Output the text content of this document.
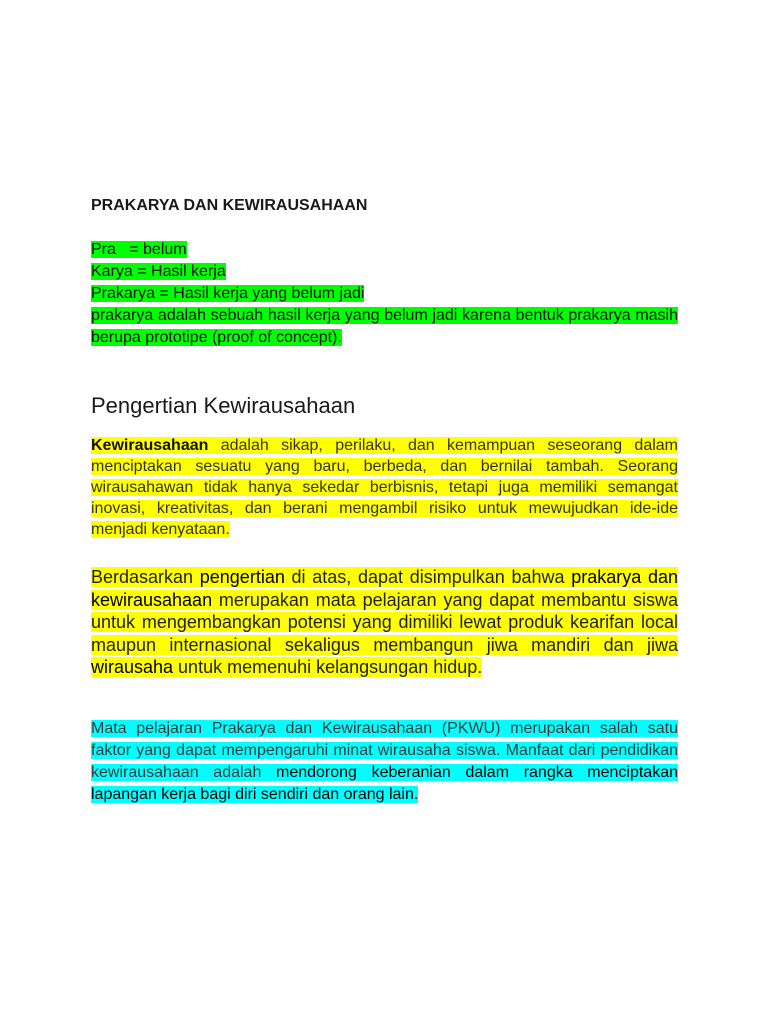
PRAKARYA DAN KEWIRAUSAHAAN
Pra   = belum
Karya = Hasil kerja
Prakarya = Hasil kerja yang belum jadi
prakarya adalah sebuah hasil kerja yang belum jadi karena bentuk prakarya masih berupa prototipe (proof of concept).
Pengertian Kewirausahaan

Kewirausahaan adalah sikap, perilaku, dan kemampuan seseorang dalam menciptakan sesuatu yang baru, berbeda, dan bernilai tambah. Seorang wirausahawan tidak hanya sekedar berbisnis, tetapi juga memiliki semangat inovasi, kreativitas, dan berani mengambil risiko untuk mewujudkan ide-ide menjadi kenyataan.

Berdasarkan pengertian di atas, dapat disimpulkan bahwa prakarya dan kewirausahaan merupakan mata pelajaran yang dapat membantu siswa untuk mengembangkan potensi yang dimiliki lewat produk kearifan local maupun internasional sekaligus membangun jiwa mandiri dan jiwa wirausaha untuk memenuhi kelangsungan hidup.

Mata pelajaran Prakarya dan Kewirausahaan (PKWU) merupakan salah satu faktor yang dapat mempengaruhi minat wirausaha siswa. Manfaat dari pendidikan kewirausahaan adalah mendorong keberanian dalam rangka menciptakan lapangan kerja bagi diri sendiri dan orang lain.
